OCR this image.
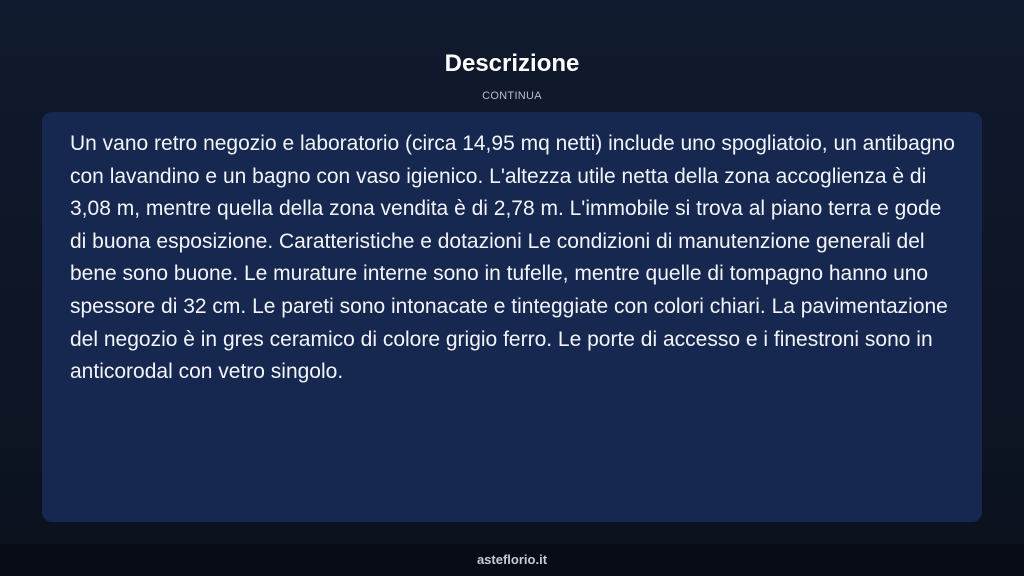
Descrizione
CONTINUA

Un vano retro negozio e laboratorio (circa 14,95 mq netti) include uno spogliatoio, un antibagno con lavandino e un bagno con vaso igienico. L'altezza utile netta della zona accoglienza è di 3,08 m, mentre quella della zona vendita è di 2,78 m. L'immobile si trova al piano terra e gode di buona esposizione. Caratteristiche e dotazioni Le condizioni di manutenzione generali del bene sono buone. Le murature interne sono in tufelle, mentre quelle di tompagno hanno uno spessore di 32 cm. Le pareti sono intonacate e tinteggiate con colori chiari. La pavimentazione del negozio è in gres ceramico di colore grigio ferro. Le porte di accesso e i finestroni sono in anticorodal con vetro singolo.

asteflorio.it
